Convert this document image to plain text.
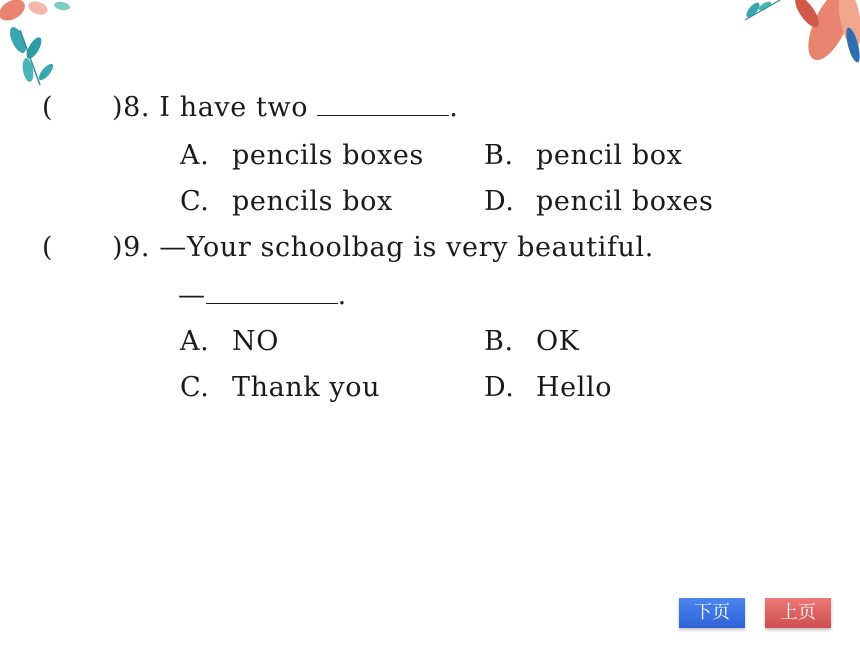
( )8. I have two	.
A. pencils boxes B. pencil box
C. pencils box	D. pencil boxes
( )9. —Your schoolbag is very beautiful.
—	.
A. NO	B. OK
C. Thank you	D. Hello
下页	上页
